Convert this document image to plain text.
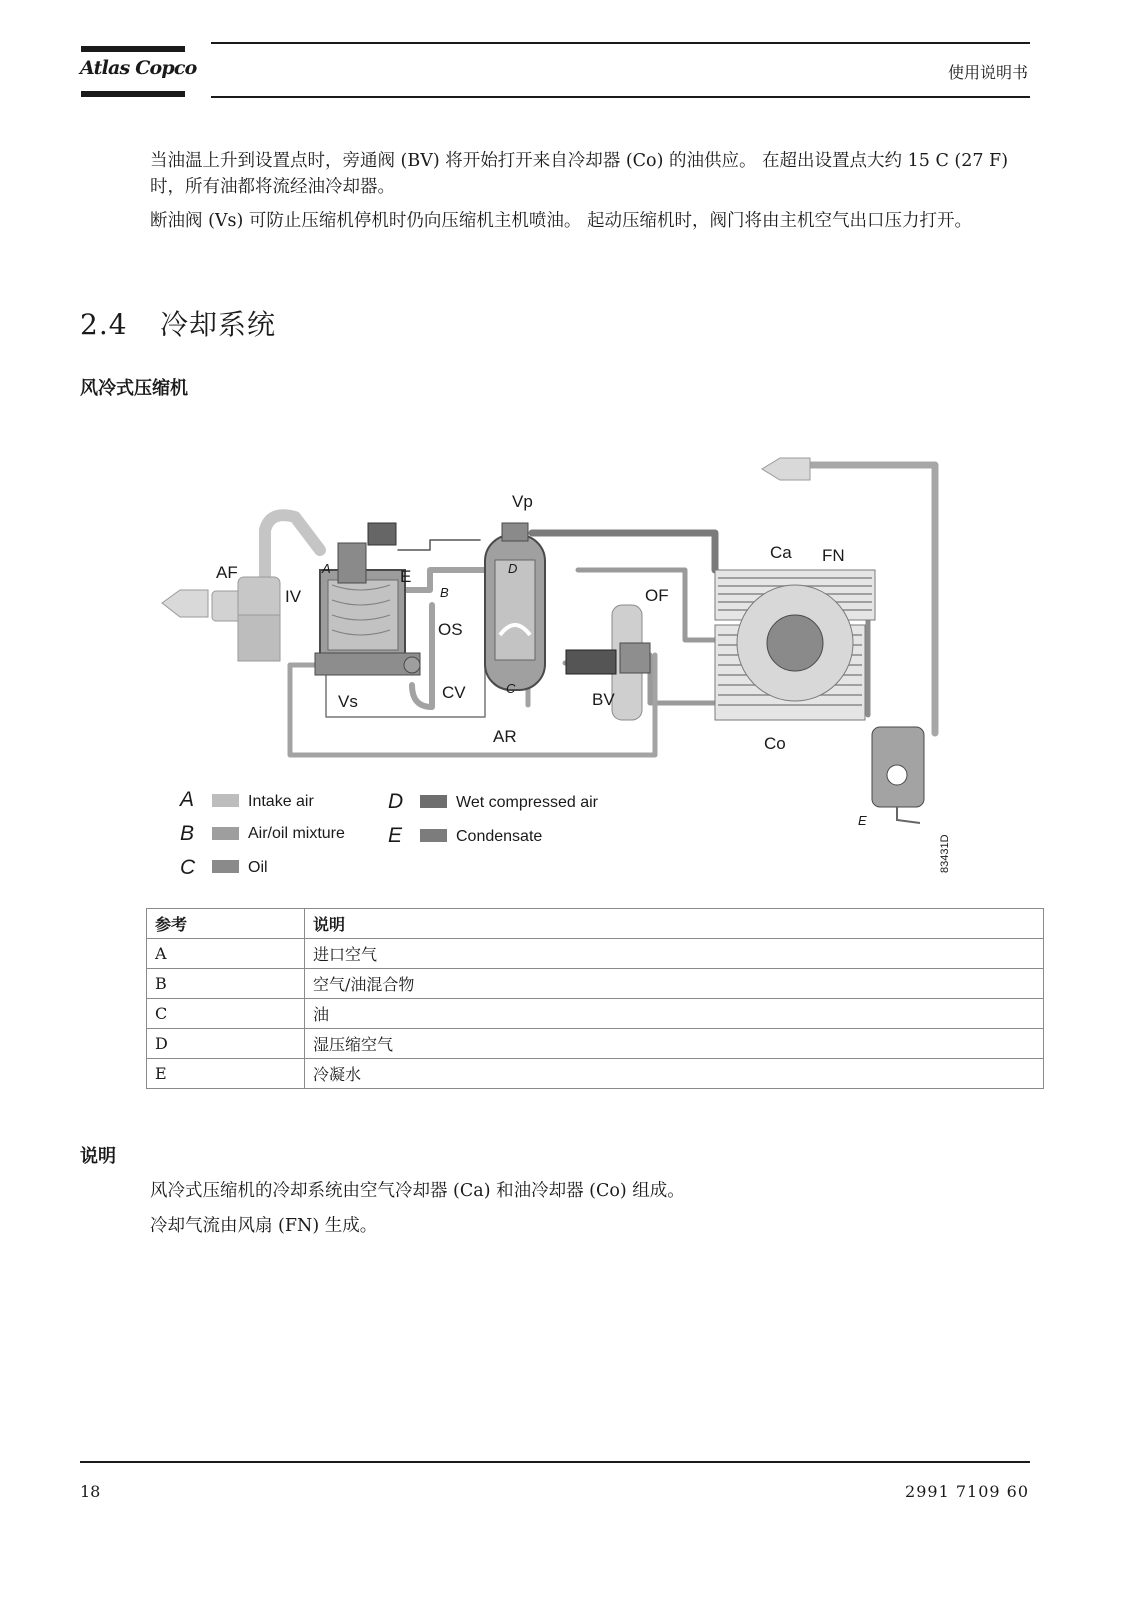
Atlas Copco	使用说明书
当油温上升到设置点时，旁通阀 (BV) 将开始打开来自冷却器 (Co) 的油供应。 在超出设置点大约 15 C (27 F) 时，所有油都将流经油冷却器。
断油阀 (Vs) 可防止压缩机停机时仍向压缩机主机喷油。 起动压缩机时，阀门将由主机空气出口压力打开。
2.4 冷却系统
风冷式压缩机
Vp
AF
IV
E
B
A	D
OS
C
AR
Vs	CV
OF
BV
Ca FN
Co
E
A	Intake air
B	Air/oil mixture
C	Oil
D	Wet compressed air
E	Condensate	83431D
参考	说明
A	进口空气
B	空气/油混合物
C	油
D	湿压缩空气
E	冷凝水
说明
风冷式压缩机的冷却系统由空气冷却器 (Ca) 和油冷却器 (Co) 组成。
冷却气流由风扇 (FN) 生成。
18	2991 7109 60
